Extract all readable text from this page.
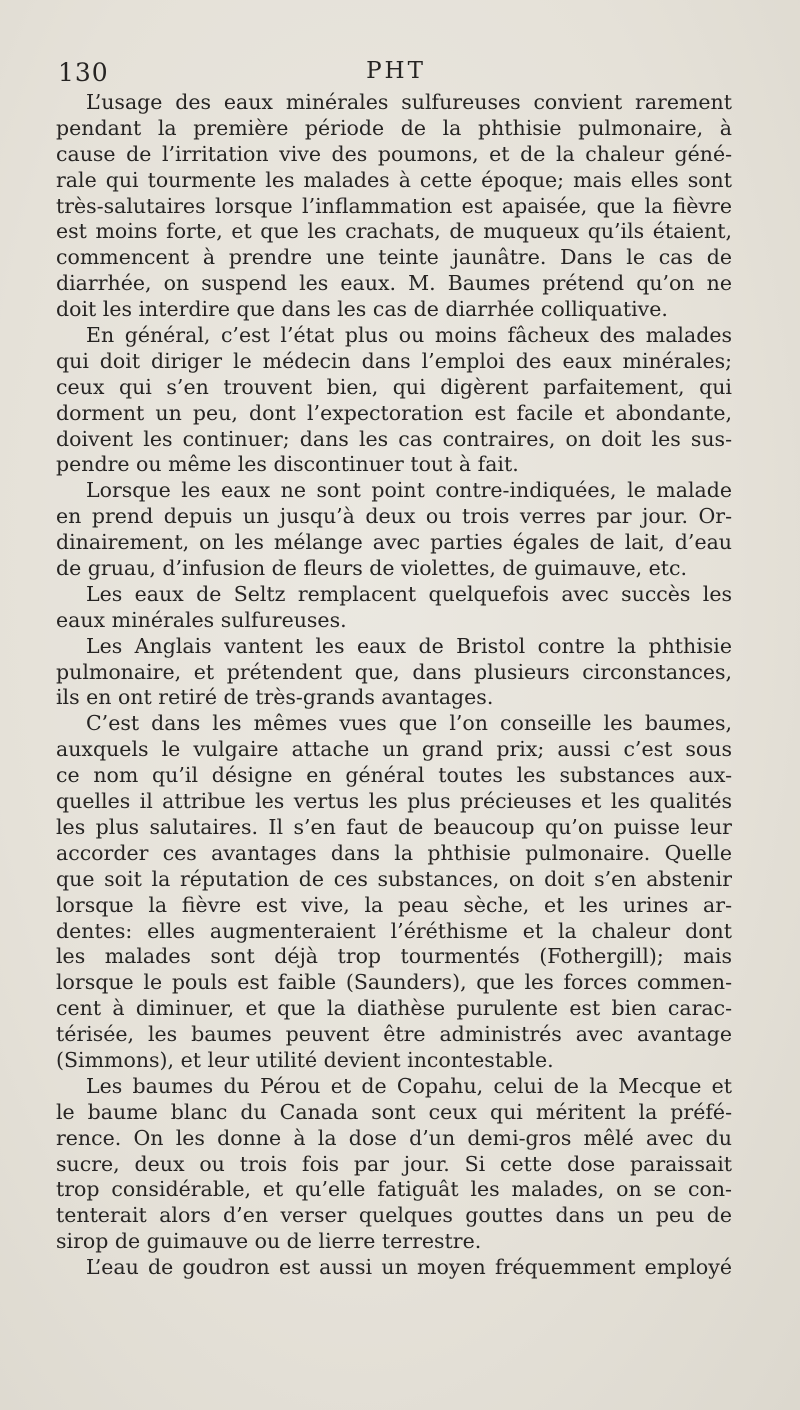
130	PHT
L’usage des eaux minérales sulfureuses convient rarement
pendant la première période de la phthisie pulmonaire, à
cause de l’irritation vive des poumons, et de la chaleur géné-
rale qui tourmente les malades à cette époque; mais elles sont
très-salutaires lorsque l’inflammation est apaisée, que la fièvre
est moins forte, et que les crachats, de muqueux qu’ils étaient,
commencent à prendre une teinte jaunâtre. Dans le cas de
diarrhée, on suspend les eaux. M. Baumes prétend qu’on ne
doit les interdire que dans les cas de diarrhée colliquative.
En général, c’est l’état plus ou moins fâcheux des malades
qui doit diriger le médecin dans l’emploi des eaux minérales;
ceux qui s’en trouvent bien, qui digèrent parfaitement, qui
dorment un peu, dont l’expectoration est facile et abondante,
doivent les continuer; dans les cas contraires, on doit les sus-
pendre ou même les discontinuer tout à fait.
Lorsque les eaux ne sont point contre-indiquées, le malade
en prend depuis un jusqu’à deux ou trois verres par jour. Or-
dinairement, on les mélange avec parties égales de lait, d’eau
de gruau, d’infusion de fleurs de violettes, de guimauve, etc.
Les eaux de Seltz remplacent quelquefois avec succès les
eaux minérales sulfureuses.
Les Anglais vantent les eaux de Bristol contre la phthisie
pulmonaire, et prétendent que, dans plusieurs circonstances,
ils en ont retiré de très-grands avantages.
C’est dans les mêmes vues que l’on conseille les baumes,
auxquels le vulgaire attache un grand prix; aussi c’est sous
ce nom qu’il désigne en général toutes les substances aux-
quelles il attribue les vertus les plus précieuses et les qualités
les plus salutaires. Il s’en faut de beaucoup qu’on puisse leur
accorder ces avantages dans la phthisie pulmonaire. Quelle
que soit la réputation de ces substances, on doit s’en abstenir
lorsque la fièvre est vive, la peau sèche, et les urines ar-
dentes: elles augmenteraient l’éréthisme et la chaleur dont
les malades sont déjà trop tourmentés (Fothergill); mais
lorsque le pouls est faible (Saunders), que les forces commen-
cent à diminuer, et que la diathèse purulente est bien carac-
térisée, les baumes peuvent être administrés avec avantage
(Simmons), et leur utilité devient incontestable.
Les baumes du Pérou et de Copahu, celui de la Mecque et
le baume blanc du Canada sont ceux qui méritent la préfé-
rence. On les donne à la dose d’un demi-gros mêlé avec du
sucre, deux ou trois fois par jour. Si cette dose paraissait
trop considérable, et qu’elle fatiguât les malades, on se con-
tenterait alors d’en verser quelques gouttes dans un peu de
sirop de guimauve ou de lierre terrestre.
L’eau de goudron est aussi un moyen fréquemment employé
